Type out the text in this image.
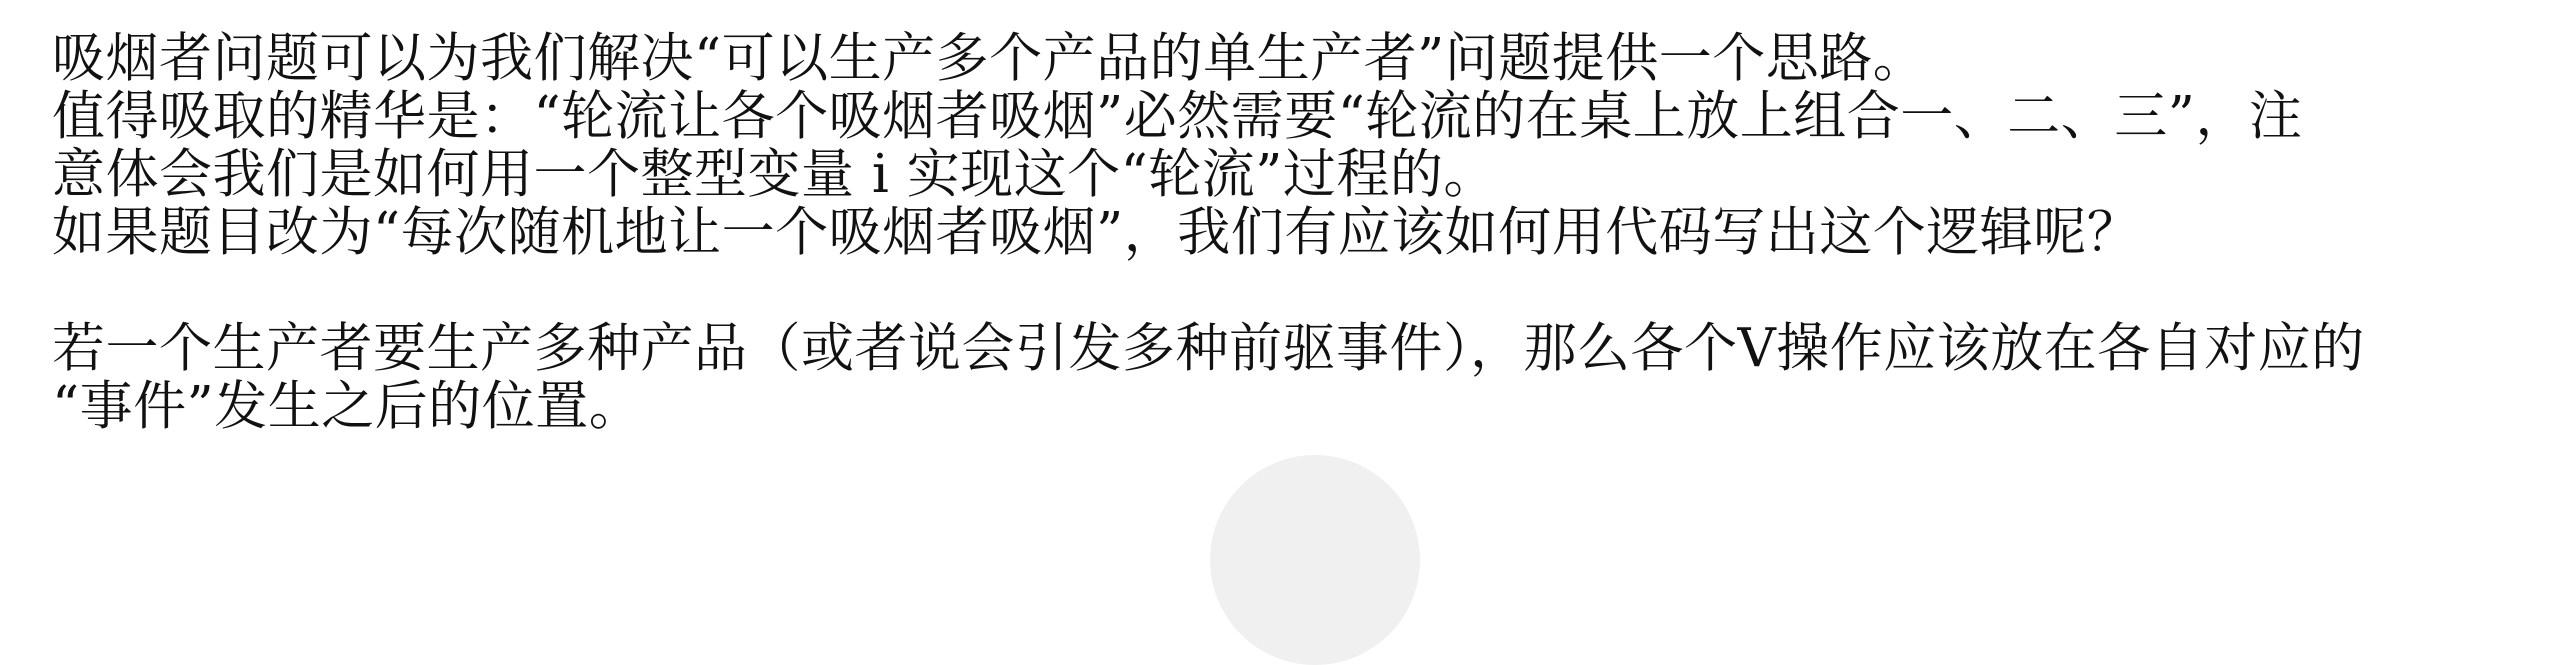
吸烟者问题可以为我们解决“可以生产多个产品的单生产者”问题提供一个思路。
值得吸取的精华是：“轮流让各个吸烟者吸烟”必然需要“轮流的在桌上放上组合一、二、三”，注
意体会我们是如何用一个整型变量 i 实现这个“轮流”过程的。
如果题目改为“每次随机地让一个吸烟者吸烟”，我们有应该如何用代码写出这个逻辑呢？
若一个生产者要生产多种产品（或者说会引发多种前驱事件），那么各个V操作应该放在各自对应的
“事件”发生之后的位置。
